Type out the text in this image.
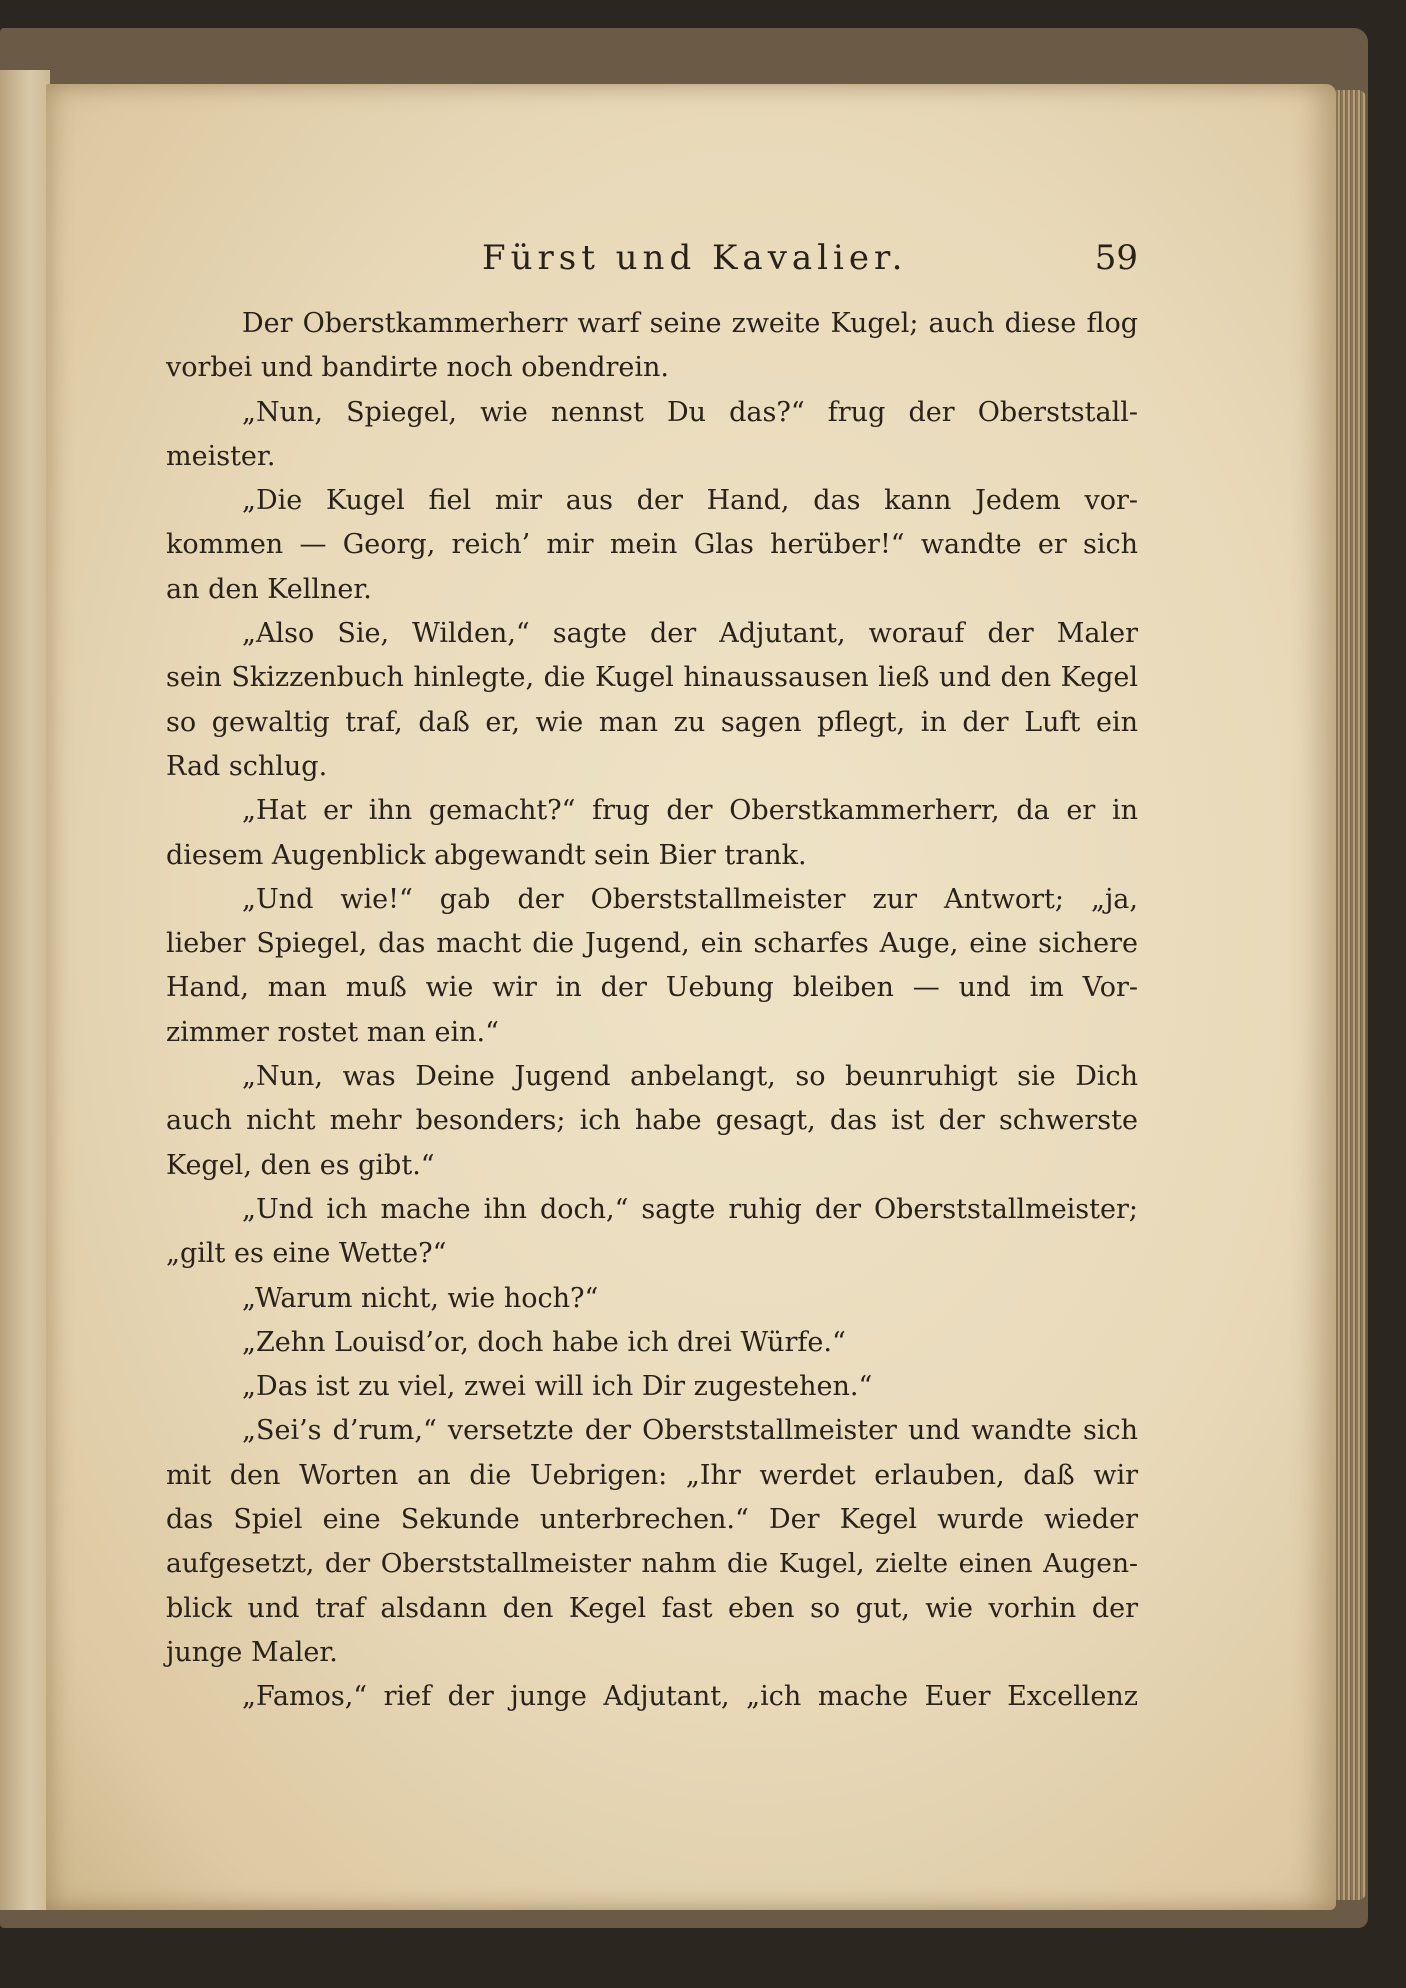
Fürst und Kavalier.	59
Der Oberstkammerherr warf seine zweite Kugel; auch diese flog
vorbei und bandirte noch obendrein.
„Nun, Spiegel, wie nennst Du das?“ frug der Oberststall-
meister.
„Die Kugel fiel mir aus der Hand, das kann Jedem vor-
kommen — Georg, reich’ mir mein Glas herüber!“ wandte er sich
an den Kellner.
„Also Sie, Wilden,“ sagte der Adjutant, worauf der Maler
sein Skizzenbuch hinlegte, die Kugel hinaussausen ließ und den Kegel
so gewaltig traf, daß er, wie man zu sagen pflegt, in der Luft ein
Rad schlug.
„Hat er ihn gemacht?“ frug der Oberstkammerherr, da er in
diesem Augenblick abgewandt sein Bier trank.
„Und wie!“ gab der Oberststallmeister zur Antwort; „ja,
lieber Spiegel, das macht die Jugend, ein scharfes Auge, eine sichere
Hand, man muß wie wir in der Uebung bleiben — und im Vor-
zimmer rostet man ein.“
„Nun, was Deine Jugend anbelangt, so beunruhigt sie Dich
auch nicht mehr besonders; ich habe gesagt, das ist der schwerste
Kegel, den es gibt.“
„Und ich mache ihn doch,“ sagte ruhig der Oberststallmeister;
„gilt es eine Wette?“
„Warum nicht, wie hoch?“
„Zehn Louisd’or, doch habe ich drei Würfe.“
„Das ist zu viel, zwei will ich Dir zugestehen.“
„Sei’s d’rum,“ versetzte der Oberststallmeister und wandte sich
mit den Worten an die Uebrigen: „Ihr werdet erlauben, daß wir
das Spiel eine Sekunde unterbrechen.“ Der Kegel wurde wieder
aufgesetzt, der Oberststallmeister nahm die Kugel, zielte einen Augen-
blick und traf alsdann den Kegel fast eben so gut, wie vorhin der
junge Maler.
„Famos,“ rief der junge Adjutant, „ich mache Euer Excellenz
